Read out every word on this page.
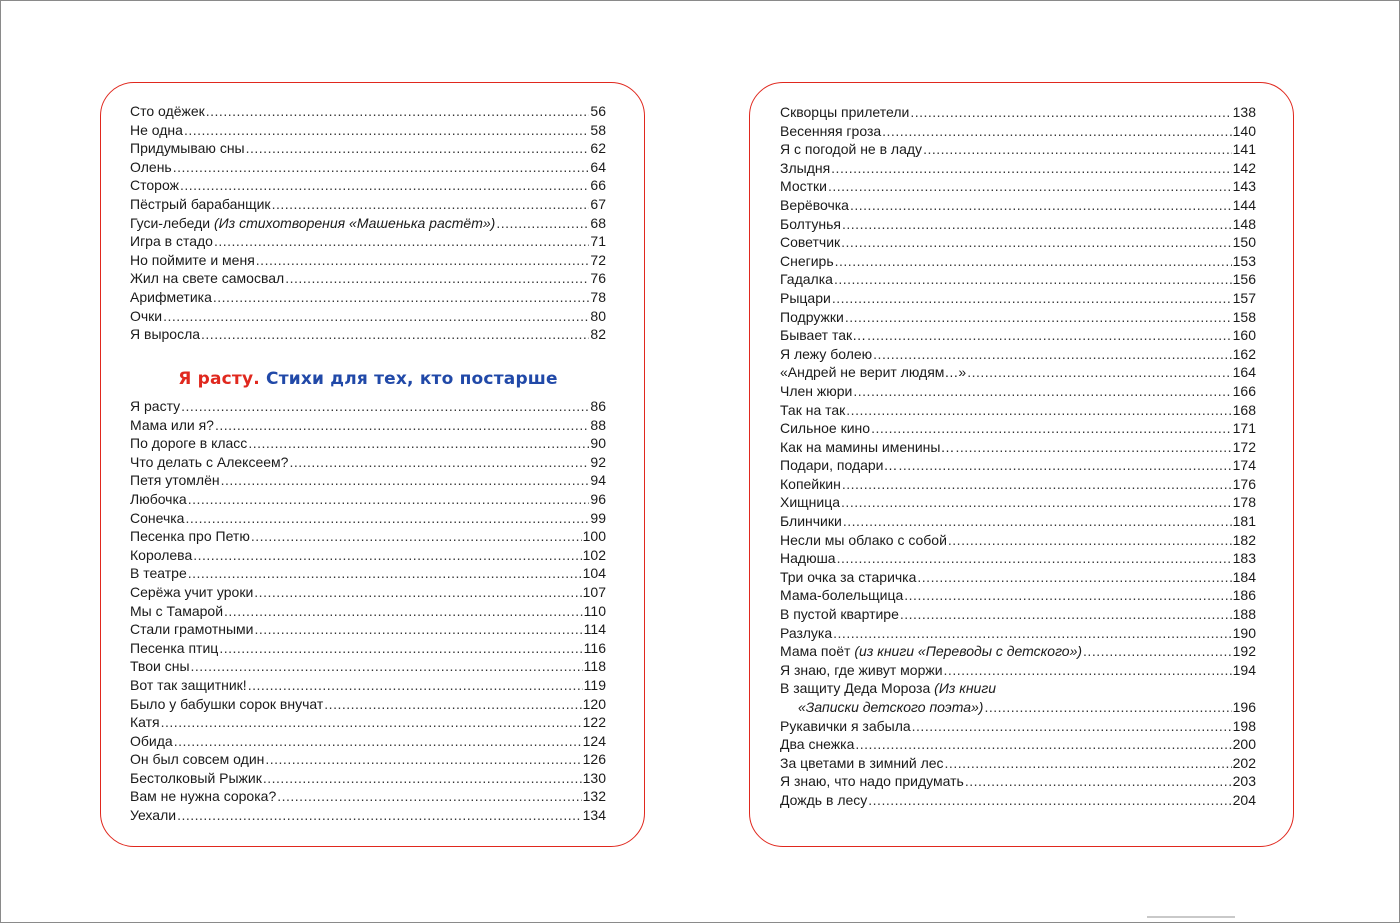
Сто одёжек .....	56
Не одна .....	58
Придумываю сны .....	62
Олень .....	64
Сторож .....	66
Пёстрый барабанщик .....	67
Гуси-лебеди (Из стихотворения «Машенька растёт») .....	68
Игра в стадо .....	71
Но поймите и меня .....	72
Жил на свете самосвал .....	76
Арифметика .....	78
Очки .....	80
Я выросла .....	82
Я расту. Стихи для тех, кто постарше
Я расту .....	86
Мама или я? .....	88
По дороге в класс .....	90
Что делать с Алексеем? .....	92
Петя утомлён .....	94
Любочка .....	96
Сонечка .....	99
Песенка про Петю .....	100
Королева .....	102
В театре .....	104
Серёжа учит уроки .....	107
Мы с Тамарой .....	110
Стали грамотными .....	114
Песенка птиц .....	116
Твои сны .....	118
Вот так защитник! .....	119
Было у бабушки сорок внучат .....	120
Катя .....	122
Обида .....	124
Он был совсем один .....	126
Бестолковый Рыжик .....	130
Вам не нужна сорока? .....	132
Уехали .....	134
Скворцы прилетели .....	138
Весенняя гроза .....	140
Я с погодой не в ладу .....	141
Злыдня .....	142
Мостки .....	143
Верёвочка .....	144
Болтунья .....	148
Советчик .....	150
Снегирь .....	153
Гадалка .....	156
Рыцари .....	157
Подружки .....	158
Бывает так… .....	160
Я лежу болею .....	162
«Андрей не верит людям…» .....	164
Член жюри .....	166
Так на так .....	168
Сильное кино .....	171
Как на мамины именины… .....	172
Подари, подари… .....	174
Копейкин .....	176
Хищница .....	178
Блинчики .....	181
Несли мы облако с собой .....	182
Надюша .....	183
Три очка за старичка .....	184
Мама-болельщица .....	186
В пустой квартире .....	188
Разлука .....	190
Мама поёт (из книги «Переводы с детского») .....	192
Я знаю, где живут моржи .....	194
В защиту Деда Мороза (Из книги
«Записки детского поэта») .....	196
Рукавички я забыла .....	198
Два снежка .....	200
За цветами в зимний лес .....	202
Я знаю, что надо придумать .....	203
Дождь в лесу .....	204
